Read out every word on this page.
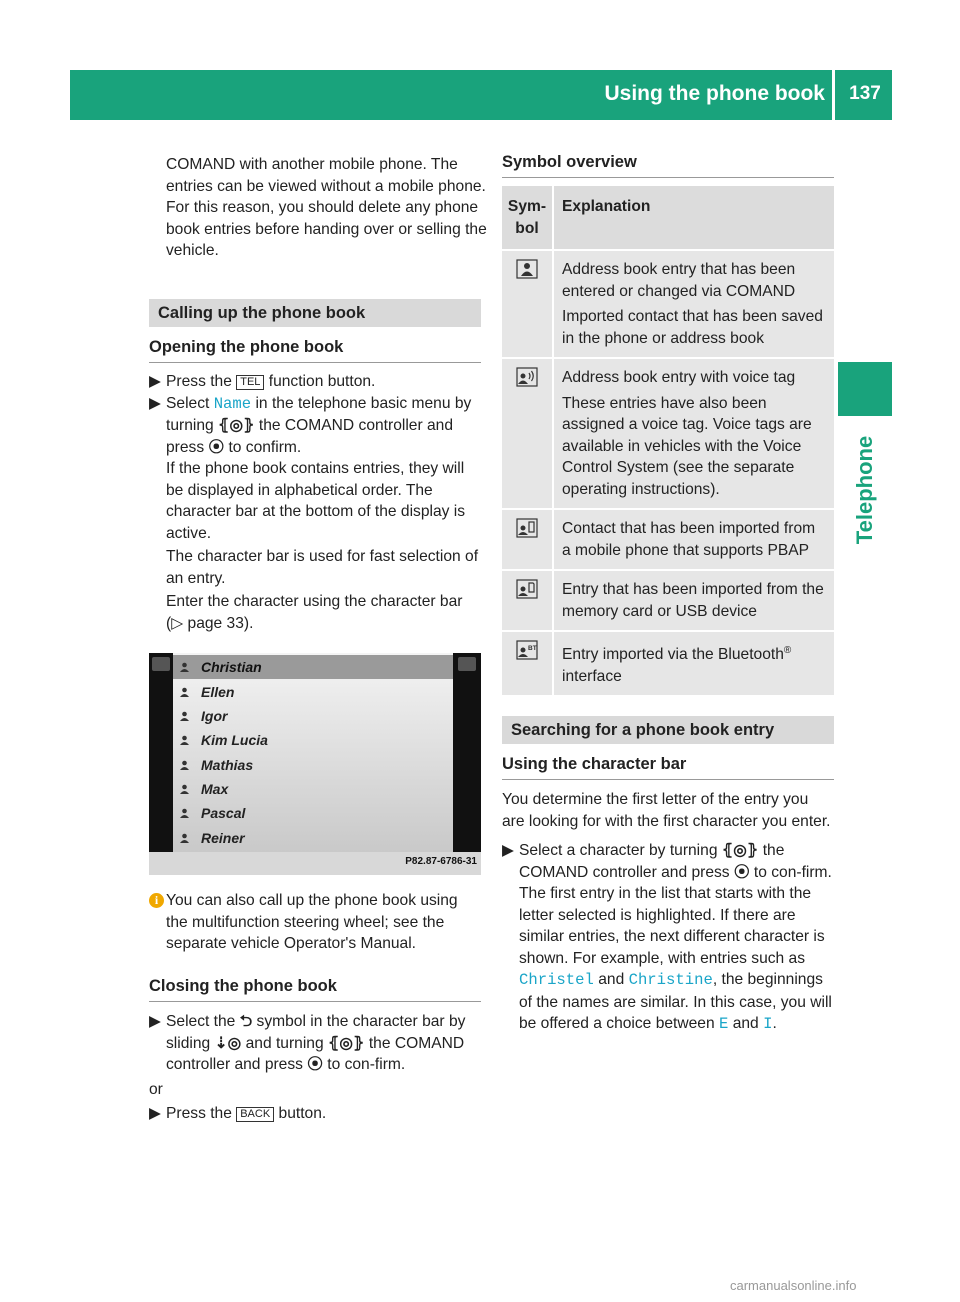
Using the phone book	137
Telephone

COMAND with another mobile phone. The entries can be viewed without a mobile phone. For this reason, you should delete any phone book entries before handing over or selling the vehicle.

Calling up the phone book
Opening the phone book

▶ Press the TEL function button.

▶ Select Name in the telephone basic menu by turning ⦃◎⦄ the COMAND controller and press ⦿ to confirm.

If the phone book contains entries, they will be displayed in alphabetical order. The character bar at the bottom of the display is active.

The character bar is used for fast selection of an entry.

Enter the character using the character bar (▷ page 33).

Christian
Ellen
Igor
Kim Lucia
Mathias
Max
Pascal
Reiner
P82.87-6786-31

i You can also call up the phone book using the multifunction steering wheel; see the separate vehicle Operator's Manual.

Closing the phone book

▶ Select the ⮌ symbol in the character bar by sliding ⇣◎ and turning ⦃◎⦄ the COMAND controller and press ⦿ to con-firm.

or

▶ Press the BACK button.

Symbol overview
Sym-bol	Explanation

Address book entry that has been entered or changed via COMAND
Imported contact that has been saved in the phone or address book

Address book entry with voice tag
These entries have also been assigned a voice tag. Voice tags are available in vehicles with the Voice Control System (see the separate operating instructions).

Contact that has been imported from a mobile phone that supports PBAP

Entry that has been imported from the memory card or USB device

BT	Entry imported via the Bluetooth®
interface
Searching for a phone book entry
Using the character bar

You determine the first letter of the entry you are looking for with the first character you enter.

▶ Select a character by turning ⦃◎⦄ the COMAND controller and press ⦿ to con-firm.

The first entry in the list that starts with the letter selected is highlighted. If there are similar entries, the next different character is shown. For example, with entries such as Christel and Christine, the beginnings of the names are similar. In this case, you will be offered a choice between E and I.

carmanualsonline.info
